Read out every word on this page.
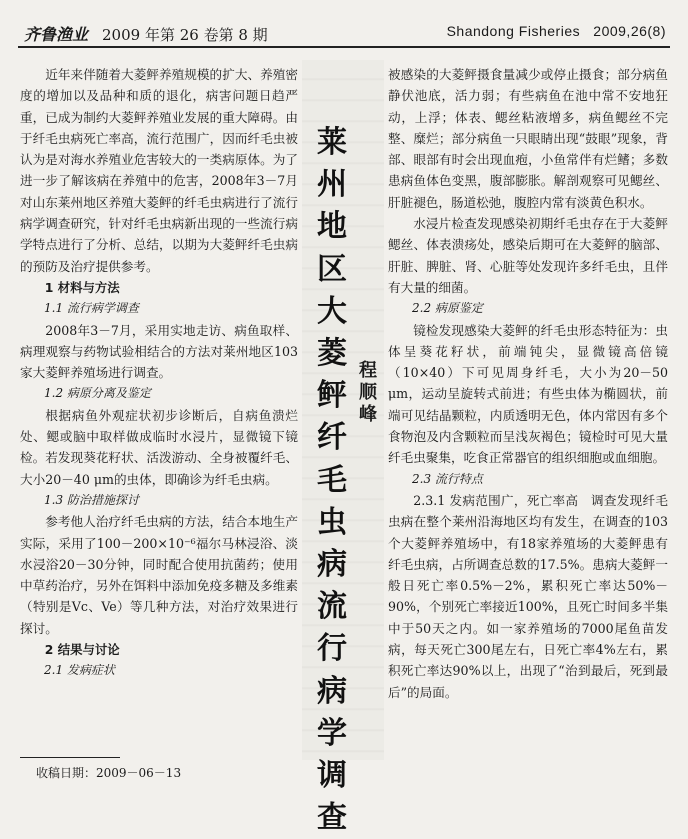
齐鲁渔业 2009 年第 26 卷第 8 期	Shandong Fisheries 2009,26(8)
莱
州
地
区
大
菱
鲆
纤
毛
虫
病
流
行
病
学
调
查
程
顺
峰

近年来伴随着大菱鲆养殖规模的扩大、养殖密度的增加以及品种和质的退化，病害问题日趋严重，已成为制约大菱鲆养殖业发展的重大障碍。由于纤毛虫病死亡率高，流行范围广，因而纤毛虫被认为是对海水养殖业危害较大的一类病原体。为了进一步了解该病在养殖中的危害，2008年3－7月对山东莱州地区养殖大菱鲆的纤毛虫病进行了流行病学调查研究，针对纤毛虫病新出现的一些流行病学特点进行了分析、总结，以期为大菱鲆纤毛虫病的预防及治疗提供参考。

1 材料与方法

1.1 流行病学调查

2008年3－7月，采用实地走访、病鱼取样、病理观察与药物试验相结合的方法对莱州地区103家大菱鲆养殖场进行调查。

1.2 病原分离及鉴定

根据病鱼外观症状初步诊断后，自病鱼溃烂处、鳃或脑中取样做成临时水浸片，显微镜下镜检。若发现葵花籽状、活泼游动、全身被覆纤毛、大小20－40 μm的虫体，即确诊为纤毛虫病。

1.3 防治措施探讨

参考他人治疗纤毛虫病的方法，结合本地生产实际，采用了100－200×10⁻⁶福尔马林浸浴、淡水浸浴20－30分钟，同时配合使用抗菌药；使用中草药治疗，另外在饵料中添加免疫多糖及多维素（特别是Vc、Ve）等几种方法，对治疗效果进行探讨。

2 结果与讨论

2.1 发病症状

收稿日期：2009－06－13

被感染的大菱鲆摄食量减少或停止摄食；部分病鱼静伏池底，活力弱；有些病鱼在池中常不安地狂动，上浮；体表、鳃丝粘液增多，病鱼鳃丝不完整、糜烂；部分病鱼一只眼睛出现“鼓眼”现象，背部、眼部有时会出现血疱，小鱼常伴有烂鳍；多数患病鱼体色变黑，腹部膨胀。解剖观察可见鳃丝、肝脏褪色，肠道松弛，腹腔内常有淡黄色积水。

水浸片检查发现感染初期纤毛虫存在于大菱鲆鳃丝、体表溃疡处，感染后期可在大菱鲆的脑部、肝脏、脾脏、肾、心脏等处发现许多纤毛虫，且伴有大量的细菌。

2.2 病原鉴定

镜检发现感染大菱鲆的纤毛虫形态特征为：虫体呈葵花籽状，前端钝尖，显微镜高倍镜（10×40）下可见周身纤毛，大小为20－50 μm，运动呈旋转式前进；有些虫体为椭圆状，前端可见结晶颗粒，内质透明无色，体内常因有多个食物泡及内含颗粒而呈浅灰褐色；镜检时可见大量纤毛虫聚集，吃食正常器官的组织细胞或血细胞。

2.3 流行特点

2.3.1 发病范围广，死亡率高　调查发现纤毛虫病在整个莱州沿海地区均有发生，在调查的103个大菱鲆养殖场中，有18家养殖场的大菱鲆患有纤毛虫病，占所调查总数的17.5%。患病大菱鲆一般日死亡率0.5%－2%，累积死亡率达50%－90%，个别死亡率接近100%，且死亡时间多半集中于50天之内。如一家养殖场的7000尾鱼苗发病，每天死亡300尾左右，日死亡率4%左右，累积死亡率达90%以上，出现了“治到最后，死到最后”的局面。
